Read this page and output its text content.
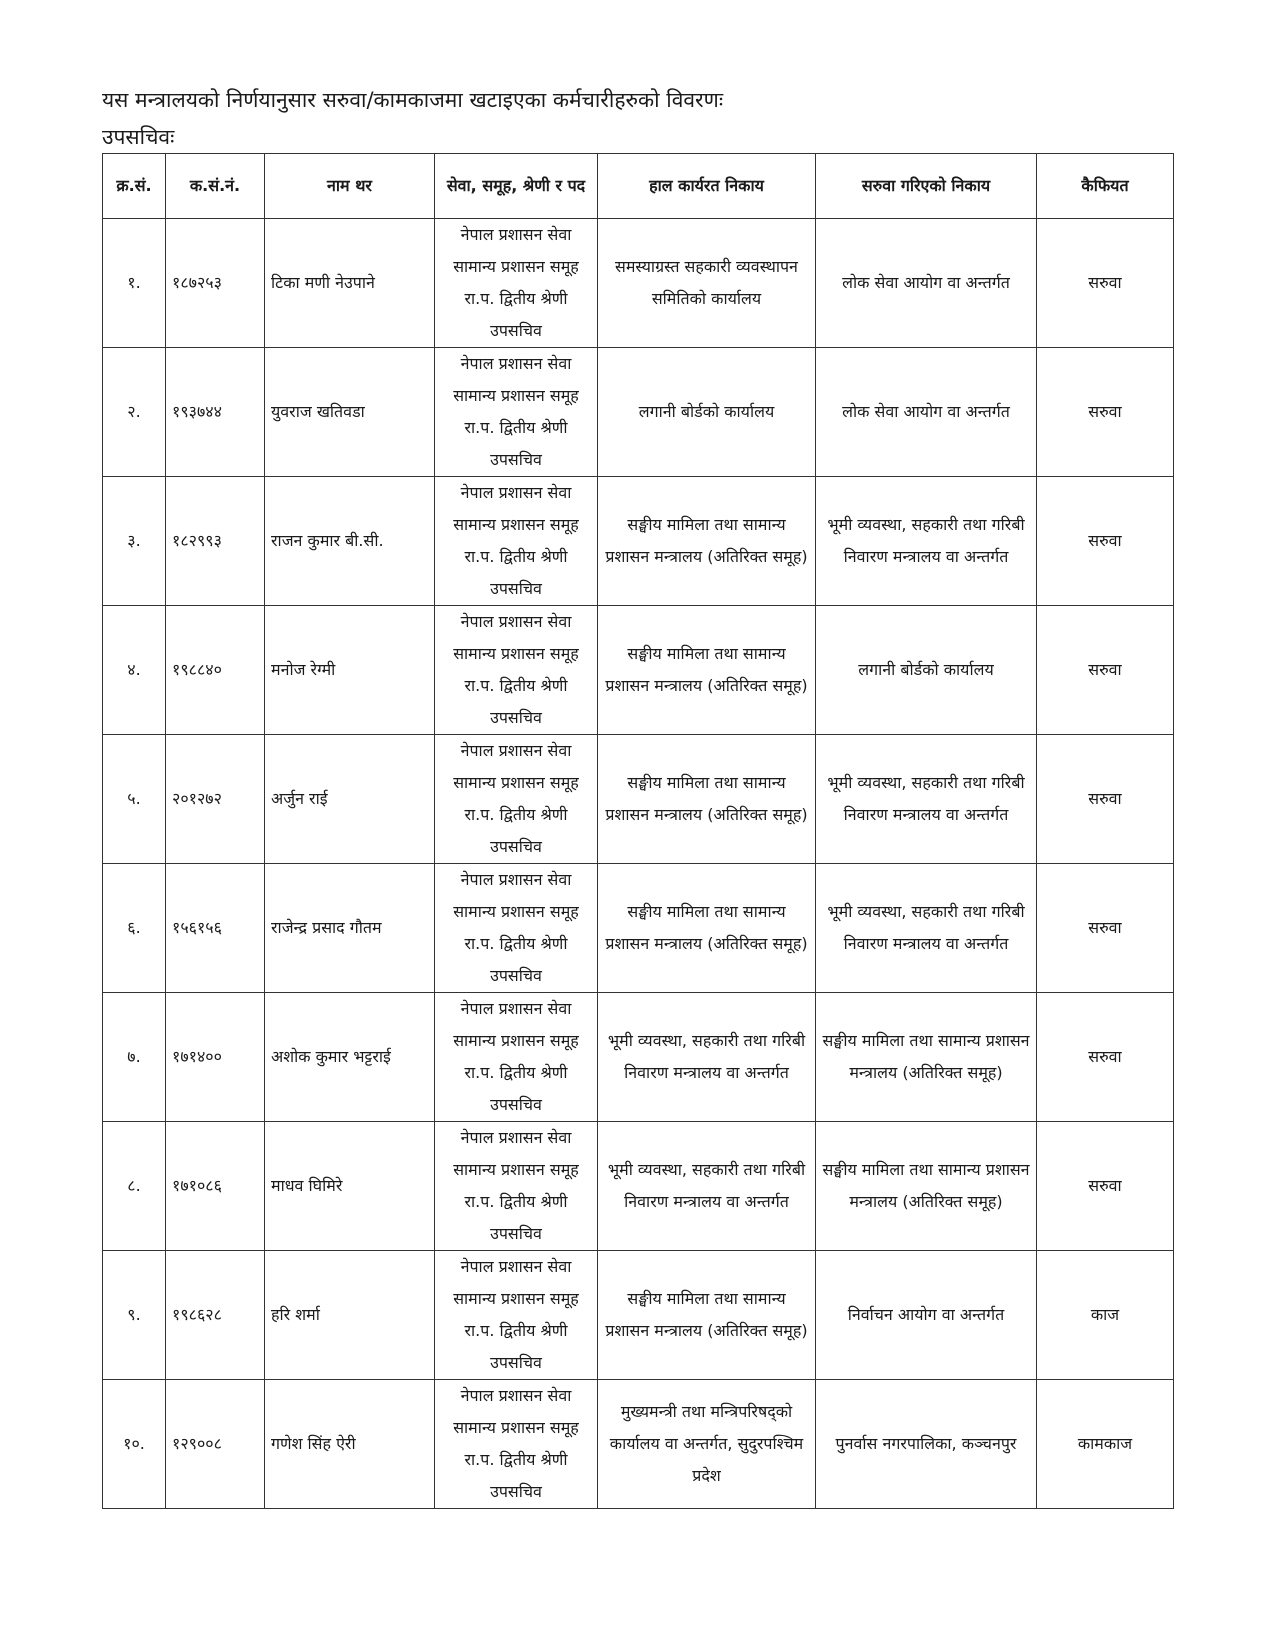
यस मन्त्रालयको निर्णयानुसार सरुवा/कामकाजमा खटाइएका कर्मचारीहरुको विवरणः
उपसचिवः
क्र.सं.	क.सं.नं.	नाम थर	सेवा, समूह, श्रेणी र पद	हाल कार्यरत निकाय	सरुवा गरिएको निकाय	कैफियत
१.	१८७२५३	टिका मणी नेउपाने	नेपाल प्रशासन सेवा
सामान्य प्रशासन समूह
रा.प. द्वितीय श्रेणी
उपसचिव	समस्याग्रस्त सहकारी व्यवस्थापन समितिको कार्यालय	लोक सेवा आयोग वा अन्तर्गत	सरुवा
२.	१९३७४४	युवराज खतिवडा	नेपाल प्रशासन सेवा
सामान्य प्रशासन समूह
रा.प. द्वितीय श्रेणी
उपसचिव	लगानी बोर्डको कार्यालय	लोक सेवा आयोग वा अन्तर्गत	सरुवा
३.	१८२९९३	राजन कुमार बी.सी.	नेपाल प्रशासन सेवा
सामान्य प्रशासन समूह
रा.प. द्वितीय श्रेणी
उपसचिव	सङ्घीय मामिला तथा सामान्य प्रशासन मन्त्रालय (अतिरिक्त समूह)	भूमी व्यवस्था, सहकारी तथा गरिबी निवारण मन्त्रालय वा अन्तर्गत	सरुवा
४.	१९८८४०	मनोज रेग्मी	नेपाल प्रशासन सेवा
सामान्य प्रशासन समूह
रा.प. द्वितीय श्रेणी
उपसचिव	सङ्घीय मामिला तथा सामान्य प्रशासन मन्त्रालय (अतिरिक्त समूह)	लगानी बोर्डको कार्यालय	सरुवा
५.	२०१२७२	अर्जुन राई	नेपाल प्रशासन सेवा
सामान्य प्रशासन समूह
रा.प. द्वितीय श्रेणी
उपसचिव	सङ्घीय मामिला तथा सामान्य प्रशासन मन्त्रालय (अतिरिक्त समूह)	भूमी व्यवस्था, सहकारी तथा गरिबी निवारण मन्त्रालय वा अन्तर्गत	सरुवा
६.	१५६१५६	राजेन्द्र प्रसाद गौतम	नेपाल प्रशासन सेवा
सामान्य प्रशासन समूह
रा.प. द्वितीय श्रेणी
उपसचिव	सङ्घीय मामिला तथा सामान्य प्रशासन मन्त्रालय (अतिरिक्त समूह)	भूमी व्यवस्था, सहकारी तथा गरिबी निवारण मन्त्रालय वा अन्तर्गत	सरुवा
७.	१७१४००	अशोक कुमार भट्टराई	नेपाल प्रशासन सेवा
सामान्य प्रशासन समूह
रा.प. द्वितीय श्रेणी
उपसचिव	भूमी व्यवस्था, सहकारी तथा गरिबी निवारण मन्त्रालय वा अन्तर्गत	सङ्घीय मामिला तथा सामान्य प्रशासन मन्त्रालय (अतिरिक्त समूह)	सरुवा
८.	१७१०८६	माधव घिमिरे	नेपाल प्रशासन सेवा
सामान्य प्रशासन समूह
रा.प. द्वितीय श्रेणी
उपसचिव	भूमी व्यवस्था, सहकारी तथा गरिबी निवारण मन्त्रालय वा अन्तर्गत	सङ्घीय मामिला तथा सामान्य प्रशासन मन्त्रालय (अतिरिक्त समूह)	सरुवा
९.	१९८६२८	हरि शर्मा	नेपाल प्रशासन सेवा
सामान्य प्रशासन समूह
रा.प. द्वितीय श्रेणी
उपसचिव	सङ्घीय मामिला तथा सामान्य प्रशासन मन्त्रालय (अतिरिक्त समूह)	निर्वाचन आयोग वा अन्तर्गत	काज
१०.	१२९००८	गणेश सिंह ऐरी	नेपाल प्रशासन सेवा
सामान्य प्रशासन समूह
रा.प. द्वितीय श्रेणी
उपसचिव	मुख्यमन्त्री तथा मन्त्रिपरिषद्को कार्यालय वा अन्तर्गत, सुदुरपश्चिम प्रदेश	पुनर्वास नगरपालिका, कञ्चनपुर	कामकाज
